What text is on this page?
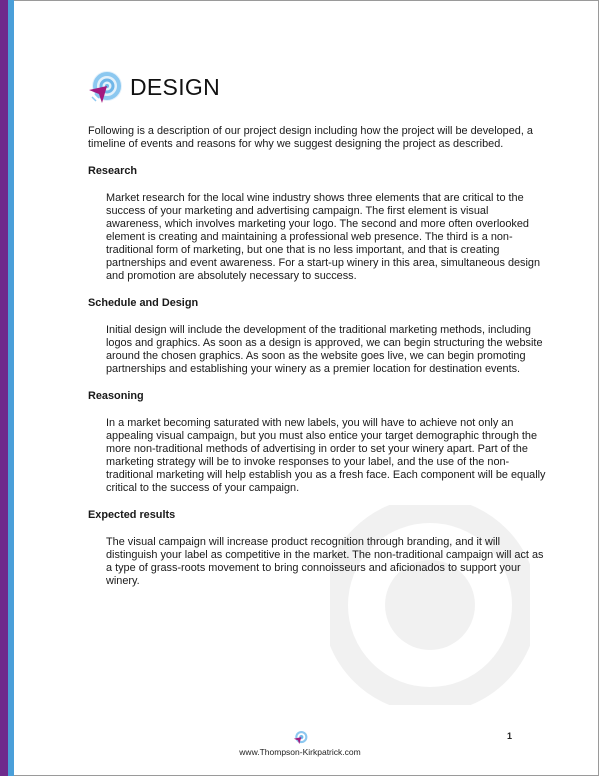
DESIGN

Following is a description of our project design including how the project will be developed, a timeline of events and reasons for why we suggest designing the project as described.

Research

Market research for the local wine industry shows three elements that are critical to the success of your marketing and advertising campaign. The first element is visual awareness, which involves marketing your logo. The second and more often overlooked element is creating and maintaining a professional web presence. The third is a non-traditional form of marketing, but one that is no less important, and that is creating partnerships and event awareness. For a start-up winery in this area, simultaneous design and promotion are absolutely necessary to success.

Schedule and Design

Initial design will include the development of the traditional marketing methods, including logos and graphics. As soon as a design is approved, we can begin structuring the website around the chosen graphics. As soon as the website goes live, we can begin promoting partnerships and establishing your winery as a premier location for destination events.

Reasoning

In a market becoming saturated with new labels, you will have to achieve not only an appealing visual campaign, but you must also entice your target demographic through the more non-traditional methods of advertising in order to set your winery apart. Part of the marketing strategy will be to invoke responses to your label, and the use of the non-traditional marketing will help establish you as a fresh face. Each component will be equally critical to the success of your campaign.

Expected results

The visual campaign will increase product recognition through branding, and it will distinguish your label as competitive in the market. The non-traditional campaign will act as a type of grass-roots movement to bring connoisseurs and aficionados to support your winery.

www.Thompson-Kirkpatrick.com
1
